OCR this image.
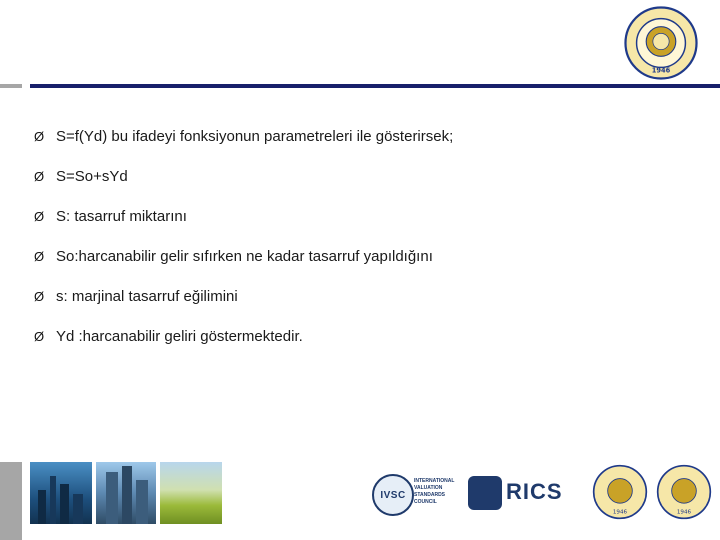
1946
Ø S=f(Yd) bu ifadeyi fonksiyonun parametreleri ile gösterirsek;
Ø S=So+sYd
Ø S: tasarruf miktarını
Ø So:harcanabilir gelir sıfırken ne kadar tasarruf yapıldığını
Ø s: marjinal tasarruf eğilimini
Ø Yd :harcanabilir geliri göstermektedir.
IVSC
INTERNATIONAL VALUATION STANDARDS COUNCIL	RICS
1946	1946
